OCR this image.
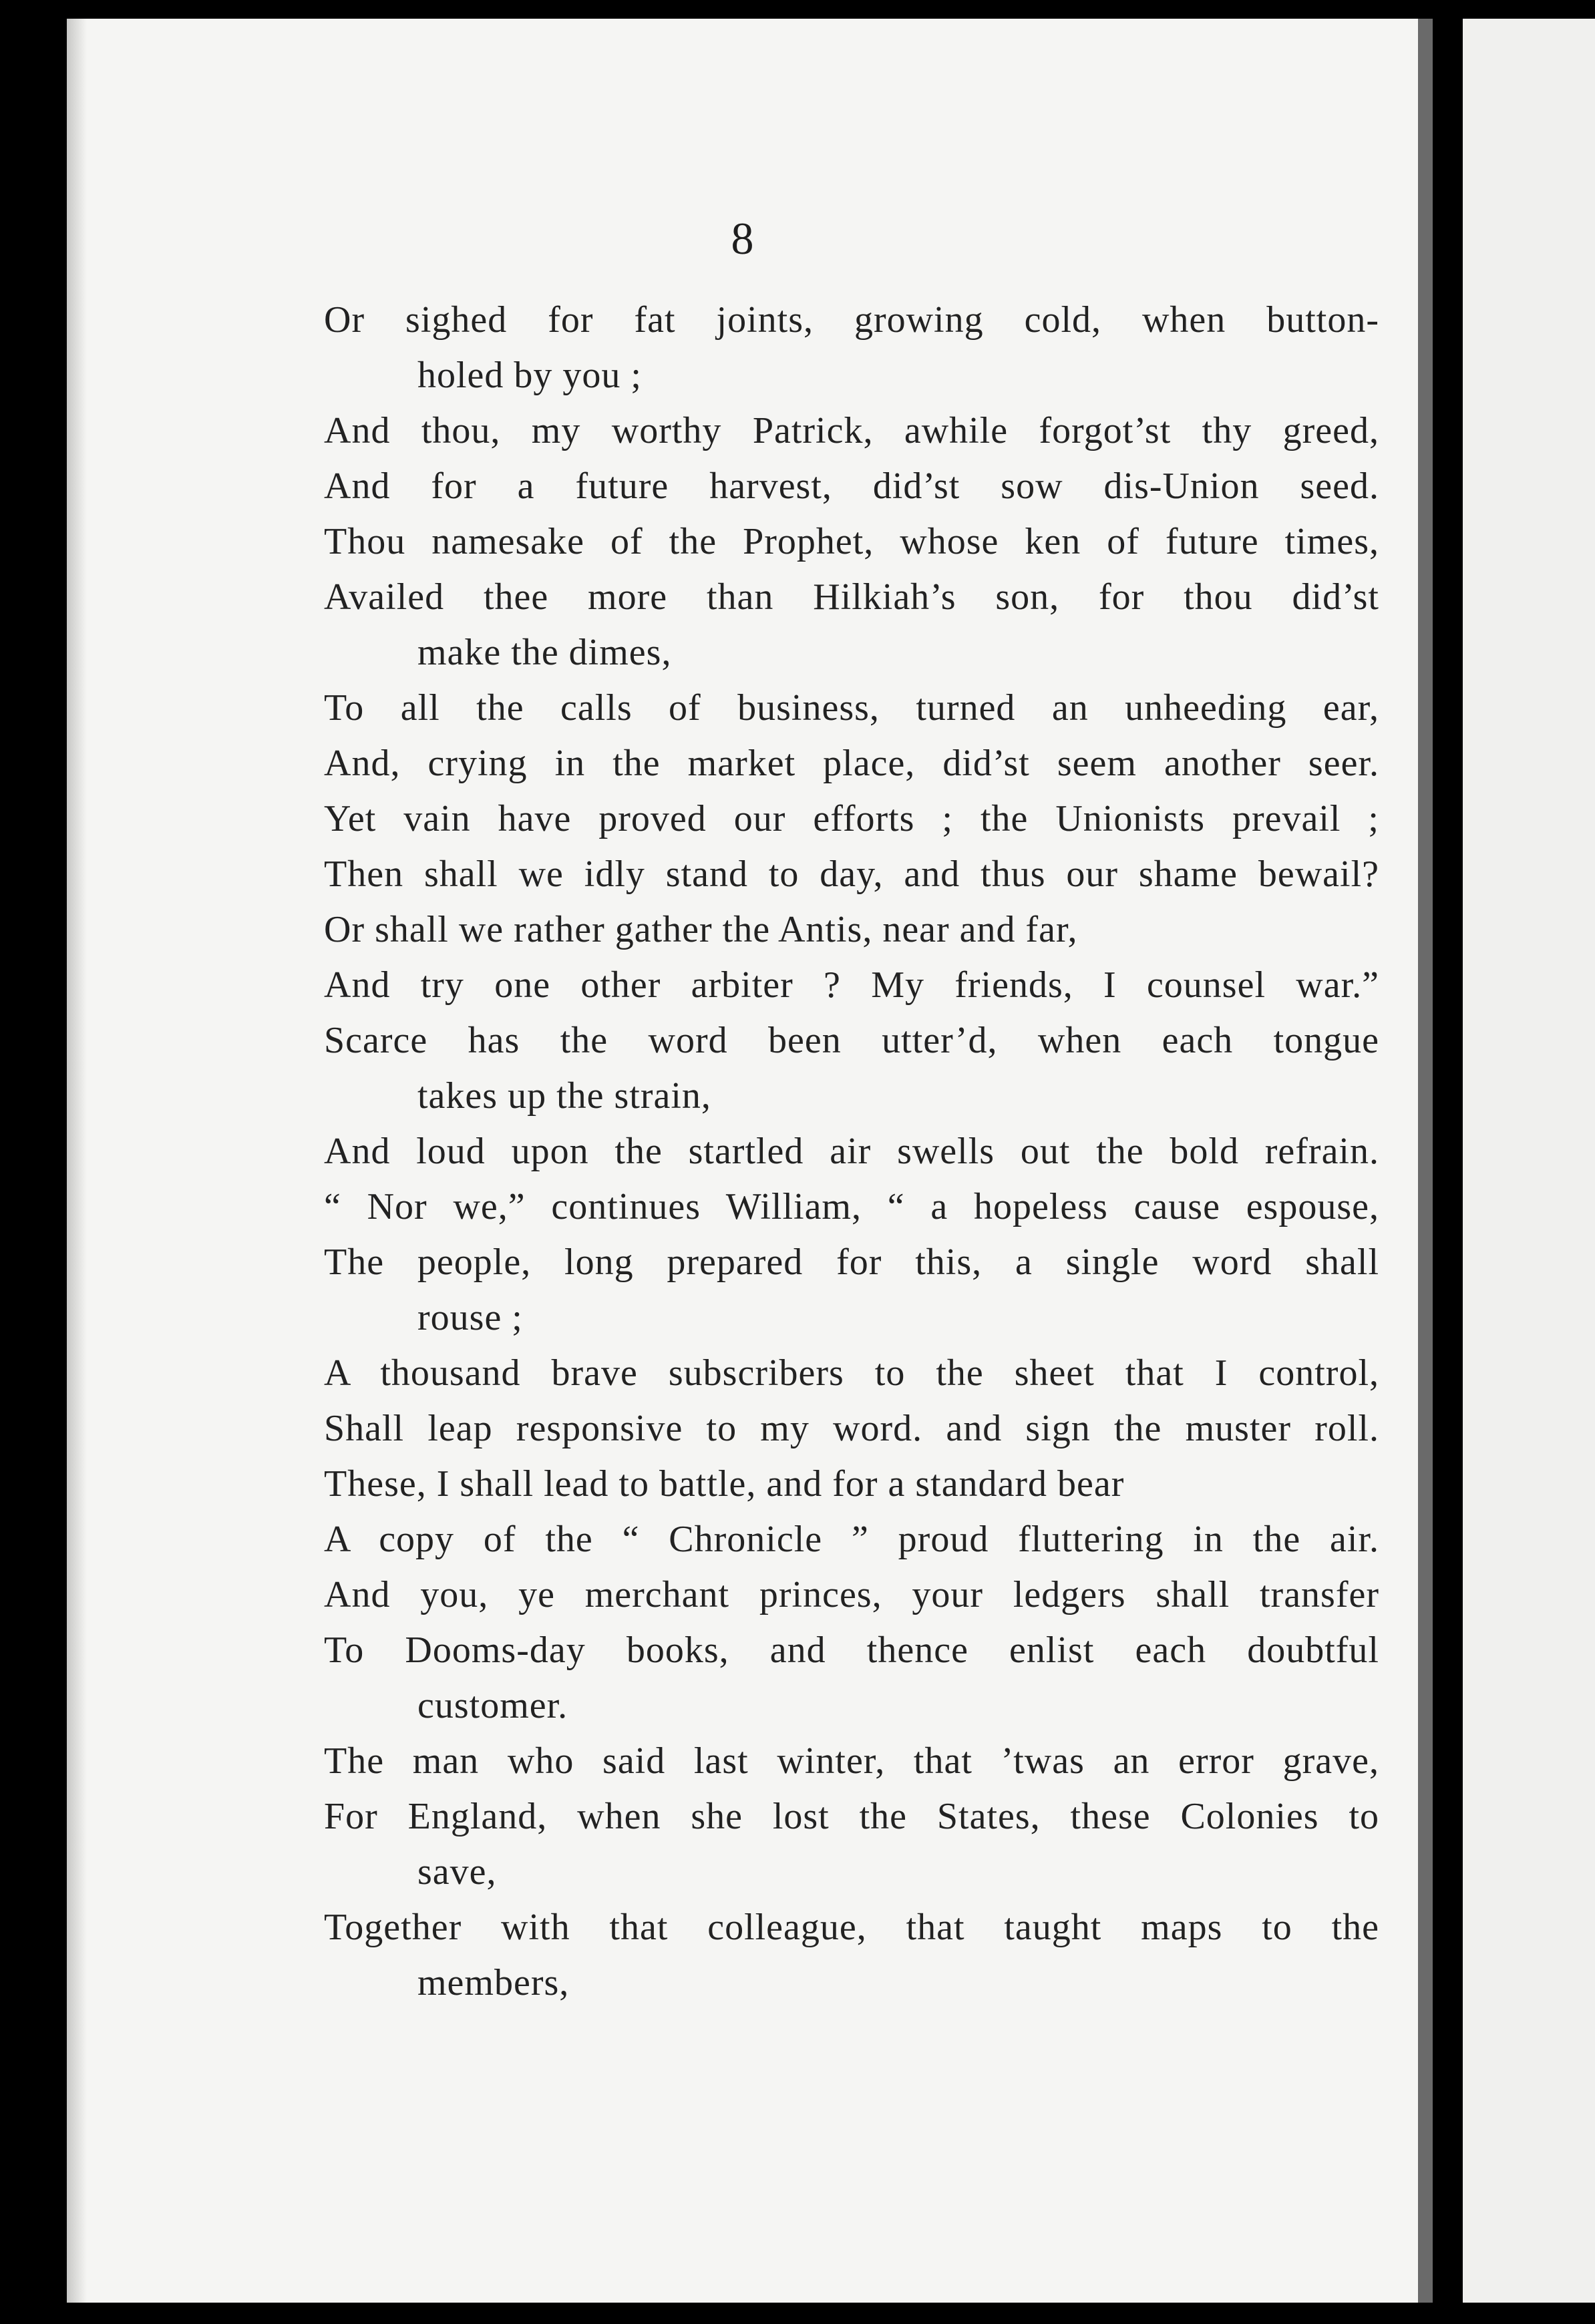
8
Or sighed for fat joints, growing cold, when button-
holed by you ;
And thou, my worthy Patrick, awhile forgot’st thy greed,
And for a future harvest, did’st sow dis-Union seed.
Thou namesake of the Prophet, whose ken of future times,
Availed thee more than Hilkiah’s son, for thou did’st
make the dimes,
To all the calls of business, turned an unheeding ear,
And, crying in the market place, did’st seem another seer.
Yet vain have proved our efforts ; the Unionists prevail ;
Then shall we idly stand to day, and thus our shame bewail?
Or shall we rather gather the Antis, near and far,
And try one other arbiter ? My friends, I counsel war.”
Scarce has the word been utter’d, when each tongue
takes up the strain,
And loud upon the startled air swells out the bold refrain.
“ Nor we,” continues William, “ a hopeless cause espouse,
The people, long prepared for this, a single word shall
rouse ;
A thousand brave subscribers to the sheet that I control,
Shall leap responsive to my word. and sign the muster roll.
These, I shall lead to battle, and for a standard bear
A copy of the “ Chronicle ” proud fluttering in the air.
And you, ye merchant princes, your ledgers shall transfer
To Dooms-day books, and thence enlist each doubtful
customer.
The man who said last winter, that ’twas an error grave,
For England, when she lost the States, these Colonies to
save,
Together with that colleague, that taught maps to the
members,
